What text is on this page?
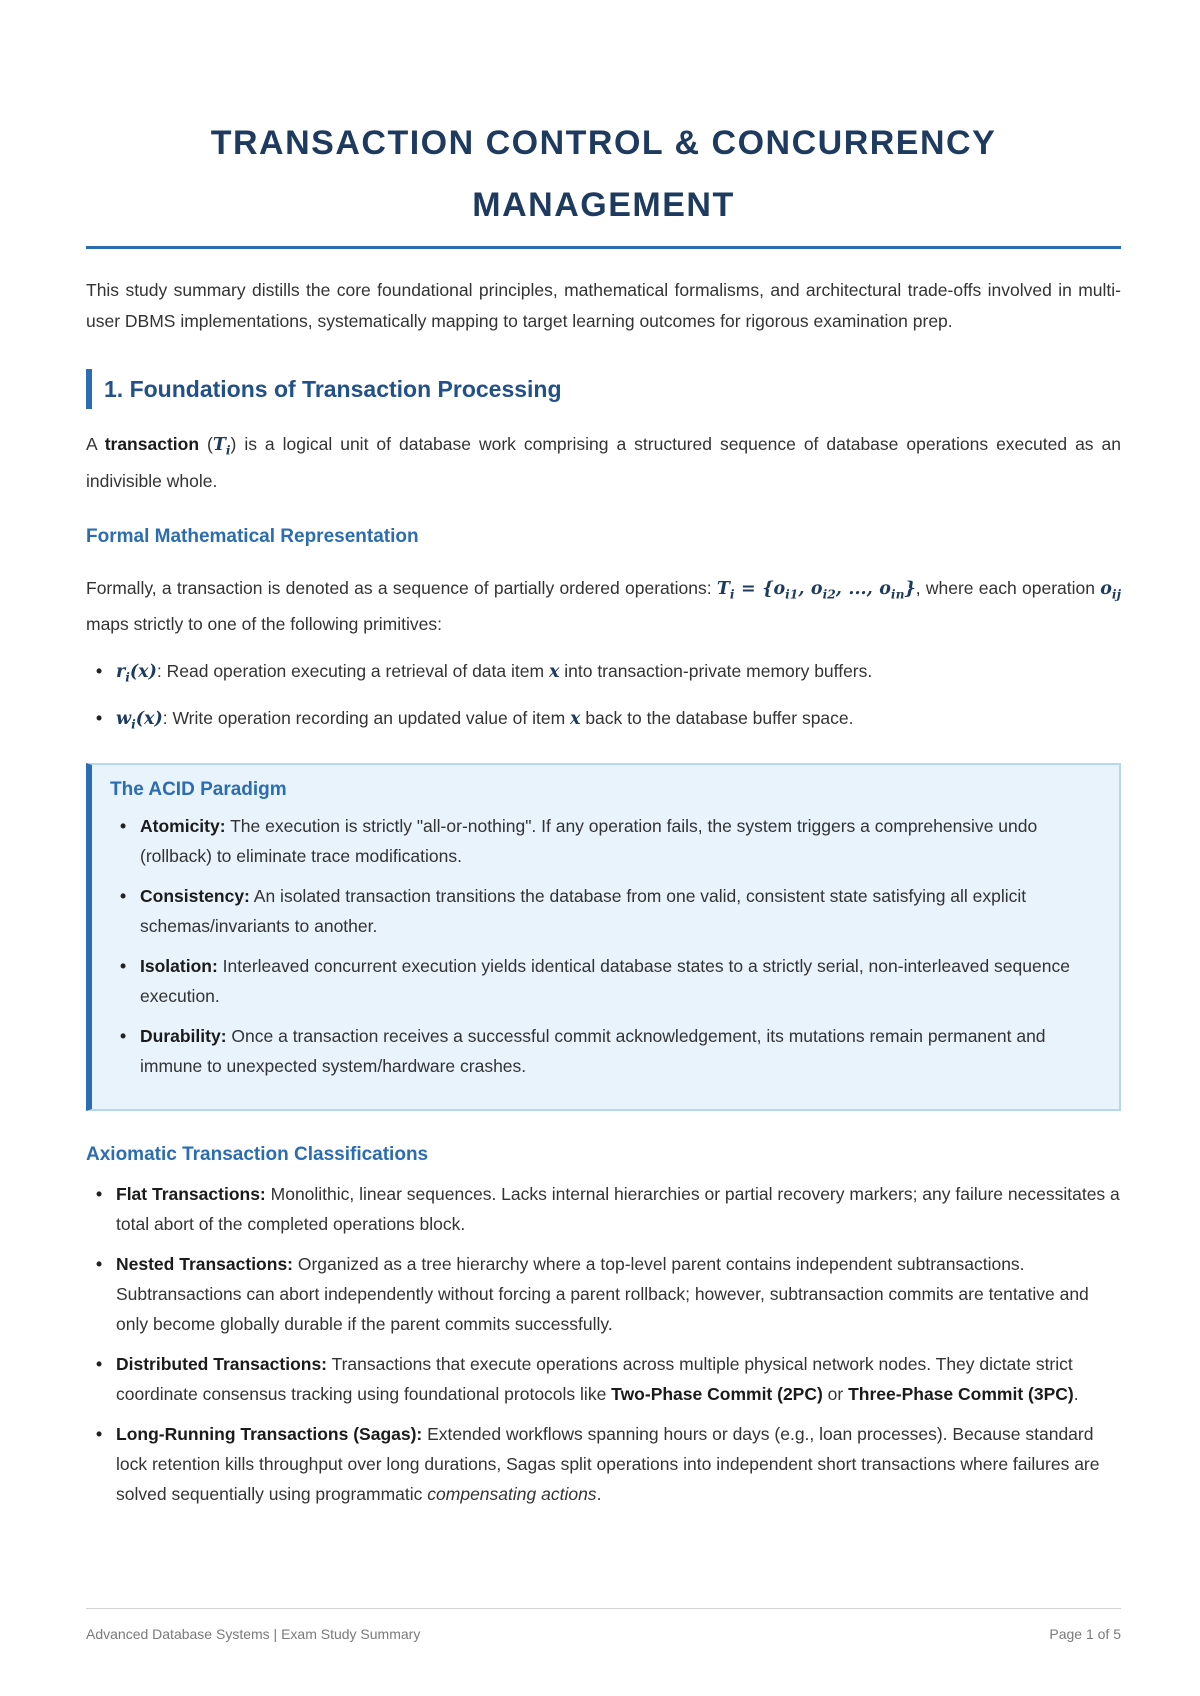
TRANSACTION CONTROL & CONCURRENCY
MANAGEMENT

This study summary distills the core foundational principles, mathematical formalisms, and architectural trade-offs involved in multi-user DBMS implementations, systematically mapping to target learning outcomes for rigorous examination prep.

1. Foundations of Transaction Processing

A transaction $(T_i)$ is a logical unit of database work comprising a structured sequence of database operations executed as an indivisible whole.

Formal Mathematical Representation

Formally, a transaction is denoted as a sequence of partially ordered operations: $T_i = \{o_{i1}$, $o_{i2}$, ..., $o_{in}$}, where each operation $o_{ij}$ maps strictly to one of the following primitives:

• $r_i(x)$: Read operation executing a retrieval of data item x into transaction-private memory buffers.
• $w_i(x)$: Write operation recording an updated value of item x back to the database buffer space.
The ACID Paradigm
• Atomicity: The execution is strictly "all-or-nothing". If any operation fails, the system triggers a comprehensive undo (rollback) to eliminate trace modifications.
• Consistency: An isolated transaction transitions the database from one valid, consistent state satisfying all explicit schemas/invariants to another.
• Isolation: Interleaved concurrent execution yields identical database states to a strictly serial, non-interleaved sequence execution.
• Durability: Once a transaction receives a successful commit acknowledgement, its mutations remain permanent and immune to unexpected system/hardware crashes.
Axiomatic Transaction Classifications
• Flat Transactions: Monolithic, linear sequences. Lacks internal hierarchies or partial recovery markers; any failure necessitates a total abort of the completed operations block.
• Nested Transactions: Organized as a tree hierarchy where a top-level parent contains independent subtransactions. Subtransactions can abort independently without forcing a parent rollback; however, subtransaction commits are tentative and only become globally durable if the parent commits successfully.
• Distributed Transactions: Transactions that execute operations across multiple physical network nodes. They dictate strict coordinate consensus tracking using foundational protocols like Two-Phase Commit (2PC) or Three-Phase Commit (3PC).
• Long-Running Transactions (Sagas): Extended workflows spanning hours or days (e.g., loan processes). Because standard lock retention kills throughput over long durations, Sagas split operations into independent short transactions where failures are solved sequentially using programmatic compensating actions.
Advanced Database Systems | Exam Study Summary	Page 1 of 5
